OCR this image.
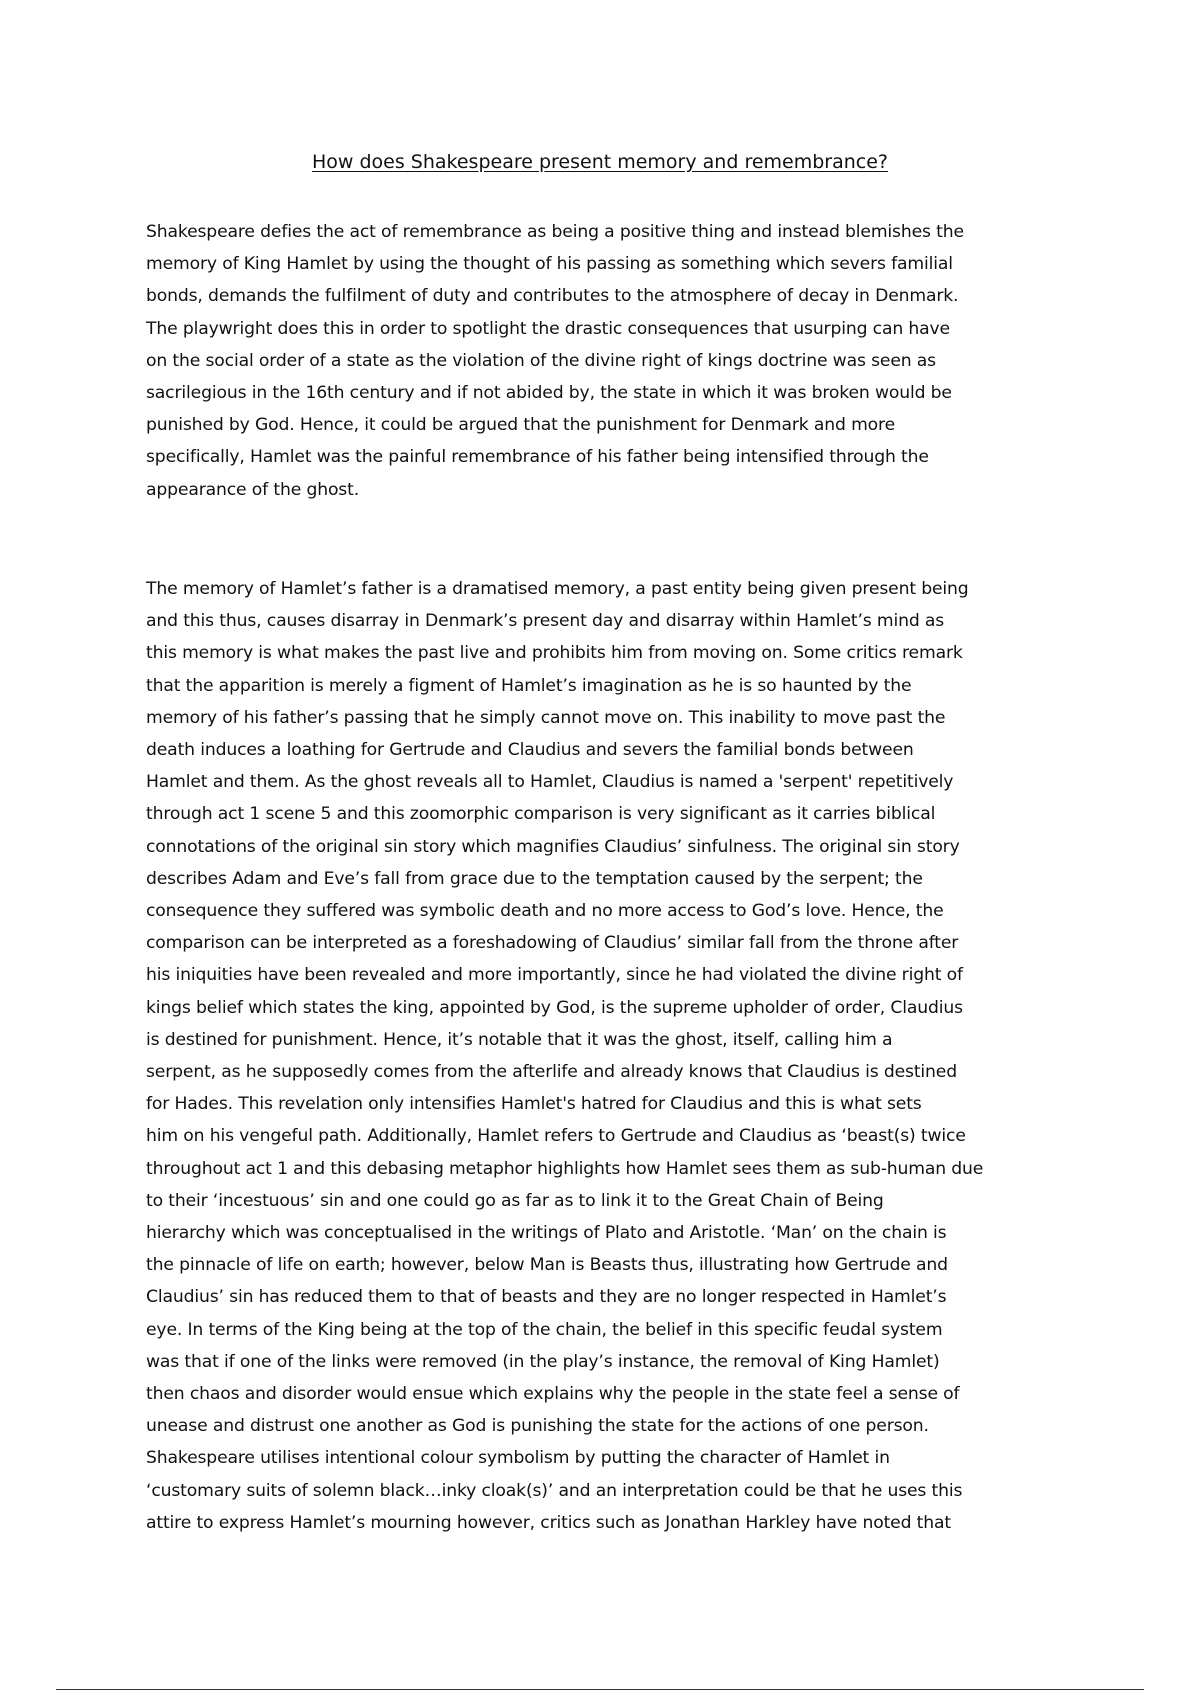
How does Shakespeare present memory and remembrance?

Shakespeare defies the act of remembrance as being a positive thing and instead blemishes the
memory of King Hamlet by using the thought of his passing as something which severs familial
bonds, demands the fulfilment of duty and contributes to the atmosphere of decay in Denmark.
The playwright does this in order to spotlight the drastic consequences that usurping can have
on the social order of a state as the violation of the divine right of kings doctrine was seen as
sacrilegious in the 16th century and if not abided by, the state in which it was broken would be
punished by God. Hence, it could be argued that the punishment for Denmark and more
specifically, Hamlet was the painful remembrance of his father being intensified through the
appearance of the ghost.

The memory of Hamlet’s father is a dramatised memory, a past entity being given present being
and this thus, causes disarray in Denmark’s present day and disarray within Hamlet’s mind as
this memory is what makes the past live and prohibits him from moving on. Some critics remark
that the apparition is merely a figment of Hamlet’s imagination as he is so haunted by the
memory of his father’s passing that he simply cannot move on. This inability to move past the
death induces a loathing for Gertrude and Claudius and severs the familial bonds between
Hamlet and them. As the ghost reveals all to Hamlet, Claudius is named a 'serpent' repetitively
through act 1 scene 5 and this zoomorphic comparison is very significant as it carries biblical
connotations of the original sin story which magnifies Claudius’ sinfulness. The original sin story
describes Adam and Eve’s fall from grace due to the temptation caused by the serpent; the
consequence they suffered was symbolic death and no more access to God’s love. Hence, the
comparison can be interpreted as a foreshadowing of Claudius’ similar fall from the throne after
his iniquities have been revealed and more importantly, since he had violated the divine right of
kings belief which states the king, appointed by God, is the supreme upholder of order, Claudius
is destined for punishment. Hence, it’s notable that it was the ghost, itself, calling him a
serpent, as he supposedly comes from the afterlife and already knows that Claudius is destined
for Hades. This revelation only intensifies Hamlet's hatred for Claudius and this is what sets
him on his vengeful path. Additionally, Hamlet refers to Gertrude and Claudius as ‘beast(s) twice
throughout act 1 and this debasing metaphor highlights how Hamlet sees them as sub-human due
to their ‘incestuous’ sin and one could go as far as to link it to the Great Chain of Being
hierarchy which was conceptualised in the writings of Plato and Aristotle. ‘Man’ on the chain is
the pinnacle of life on earth; however, below Man is Beasts thus, illustrating how Gertrude and
Claudius’ sin has reduced them to that of beasts and they are no longer respected in Hamlet’s
eye. In terms of the King being at the top of the chain, the belief in this specific feudal system
was that if one of the links were removed (in the play’s instance, the removal of King Hamlet)
then chaos and disorder would ensue which explains why the people in the state feel a sense of
unease and distrust one another as God is punishing the state for the actions of one person.
Shakespeare utilises intentional colour symbolism by putting the character of Hamlet in
‘customary suits of solemn black…inky cloak(s)’ and an interpretation could be that he uses this
attire to express Hamlet’s mourning however, critics such as Jonathan Harkley have noted that
